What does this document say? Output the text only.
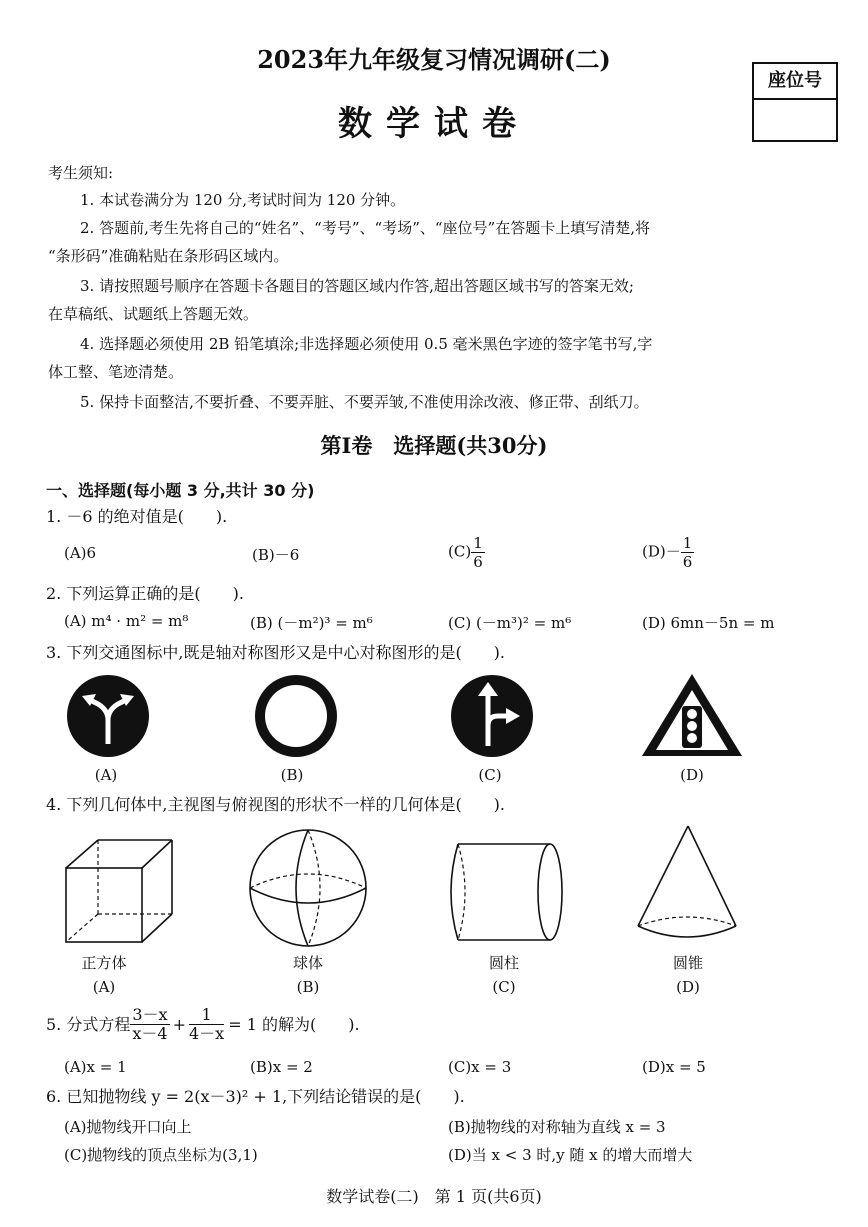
2023年九年级复习情况调研(二)
数学试卷
座位号
考生须知:
1. 本试卷满分为 120 分,考试时间为 120 分钟。
2. 答题前,考生先将自己的“姓名”、“考号”、“考场”、“座位号”在答题卡上填写清楚,将
“条形码”准确粘贴在条形码区域内。
3. 请按照题号顺序在答题卡各题目的答题区域内作答,超出答题区域书写的答案无效;
在草稿纸、试题纸上答题无效。
4. 选择题必须使用 2B 铅笔填涂;非选择题必须使用 0.5 毫米黑色字迹的签字笔书写,字
体工整、笔迹清楚。
5. 保持卡面整洁,不要折叠、不要弄脏、不要弄皱,不准使用涂改液、修正带、刮纸刀。
第Ⅰ卷　选择题(共30分)
一、选择题(每小题 3 分,共计 30 分)
1. －6 的绝对值是(　　).
(A)6	(B)－6	$(C) \frac{1}{6}$	$(D)- \frac{1}{6}$
2. 下列运算正确的是(　　).
(A) m⁴ · m² = m⁸	(B) (－m²)³ = m⁶	(C) (－m³)² = m⁶	(D) 6mn－5n = m
3. 下列交通图标中,既是轴对称图形又是中心对称图形的是(　　).
(A)	(B)	(C)	(D)
4. 下列几何体中,主视图与俯视图的形状不一样的几何体是(　　).
正方体	球体	圆柱	圆锥
(A)	(B)	(C)	(D)
5. 分式方程 $\frac{3-x}{x-4} + \frac{1}{4-x} = 1$ 的解为(　　).
(A)x = 1	(B)x = 2	(C)x = 3	(D)x = 5
6. 已知抛物线 y = 2(x－3)² + 1,下列结论错误的是(　　).
(A)抛物线开口向上	(B)抛物线的对称轴为直线 x = 3
(C)抛物线的顶点坐标为(3,1)	(D)当 x < 3 时,y 随 x 的增大而增大
数学试卷(二)　第 1 页(共6页)
